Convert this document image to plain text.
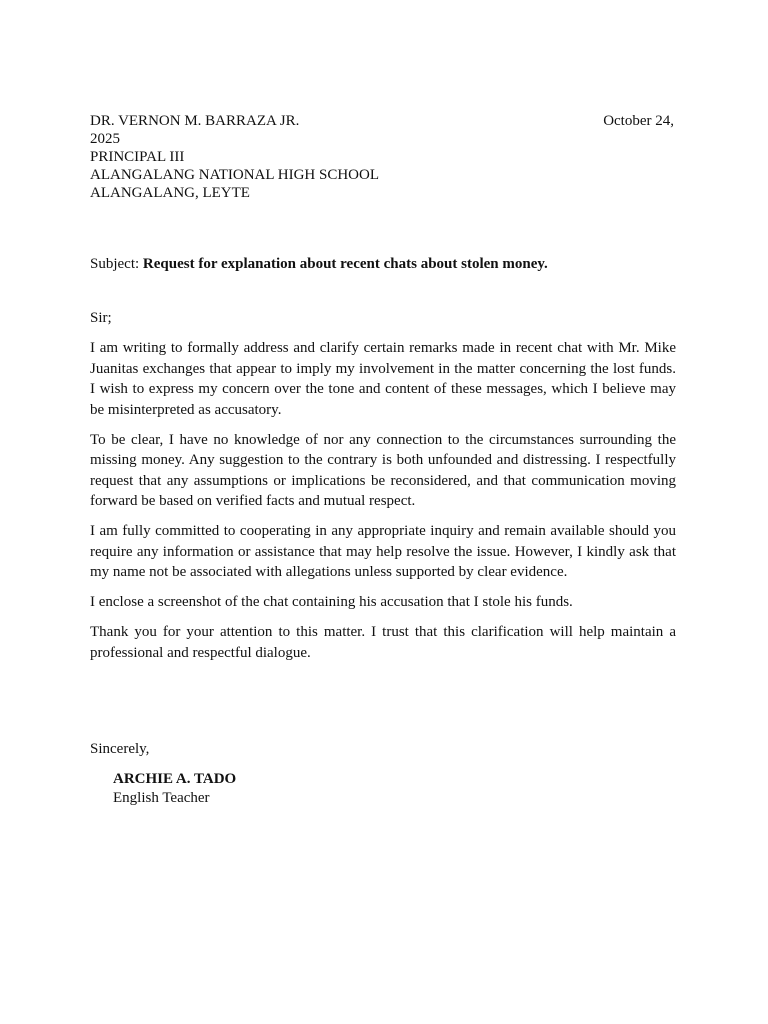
DR. VERNON M. BARRAZA JR.	October 24,
2025
PRINCIPAL III
ALANGALANG NATIONAL HIGH SCHOOL
ALANGALANG, LEYTE
Subject: Request for explanation about recent chats about stolen money.
Sir;

I am writing to formally address and clarify certain remarks made in recent chat with Mr. Mike Juanitas exchanges that appear to imply my involvement in the matter concerning the lost funds. I wish to express my concern over the tone and content of these messages, which I believe may be misinterpreted as accusatory.

To be clear, I have no knowledge of nor any connection to the circumstances surrounding the missing money. Any suggestion to the contrary is both unfounded and distressing. I respectfully request that any assumptions or implications be reconsidered, and that communication moving forward be based on verified facts and mutual respect.

I am fully committed to cooperating in any appropriate inquiry and remain available should you require any information or assistance that may help resolve the issue. However, I kindly ask that my name not be associated with allegations unless supported by clear evidence.

I enclose a screenshot of the chat containing his accusation that I stole his funds.

Thank you for your attention to this matter. I trust that this clarification will help maintain a professional and respectful dialogue.

Sincerely,
ARCHIE A. TADO
English Teacher
